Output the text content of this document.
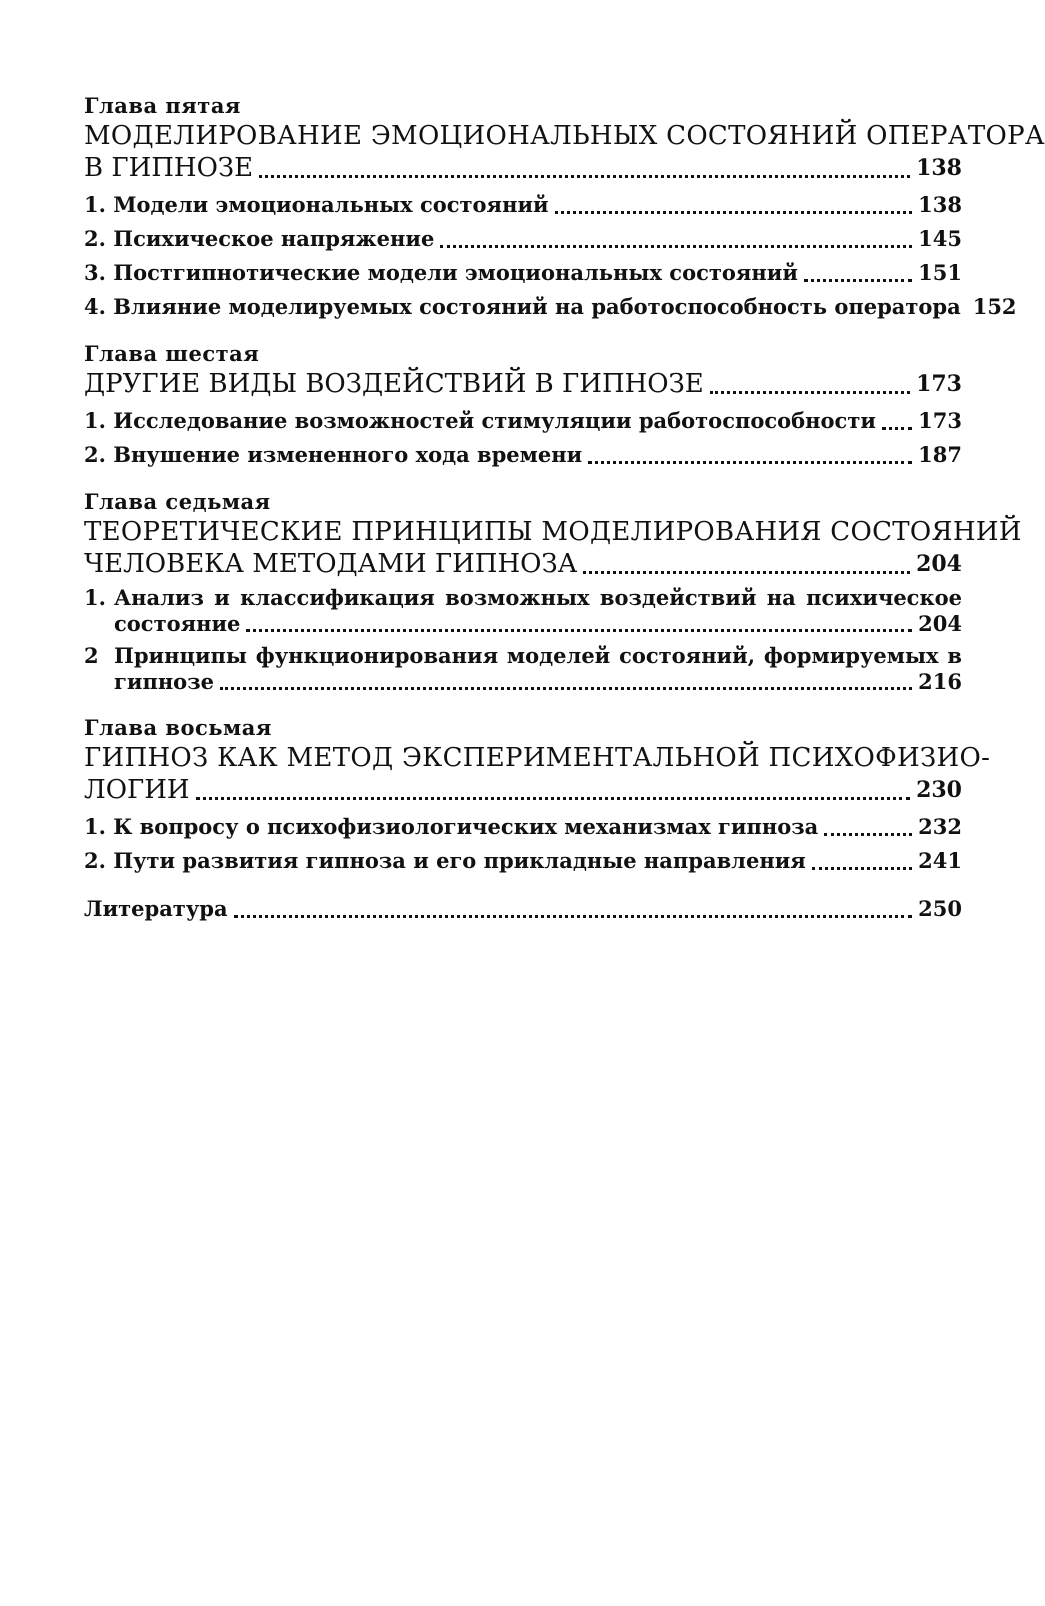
Глава пятая
МОДЕЛИРОВАНИЕ ЭМОЦИОНАЛЬНЫХ СОСТОЯНИЙ ОПЕРАТОРА
В ГИПНОЗЕ	138
1. Модели эмоциональных состояний	138
2. Психическое напряжение	145
3. Постгипнотические модели эмоциональных состояний	151
4. Влияние моделируемых состояний на работоспособность оператора 152
Глава шестая
ДРУГИЕ ВИДЫ ВОЗДЕЙСТВИЙ В ГИПНОЗЕ	173
1. Исследование возможностей стимуляции работоспособности 173
2. Внушение измененного хода времени	187
Глава седьмая
ТЕОРЕТИЧЕСКИЕ ПРИНЦИПЫ МОДЕЛИРОВАНИЯ СОСТОЯНИЙ
ЧЕЛОВЕКА МЕТОДАМИ ГИПНОЗА	204
1. Анализ и классификация возможных воздействий на психическое
состояние	204
2 Принципы функционирования моделей состояний, формируемых в
гипнозе	216
Глава восьмая
ГИПНОЗ КАК МЕТОД ЭКСПЕРИМЕНТАЛЬНОЙ ПСИХОФИЗИО-
ЛОГИИ	230
1. К вопросу о психофизиологических механизмах гипноза	232
2. Пути развития гипноза и его прикладные направления	241
Литература	250
